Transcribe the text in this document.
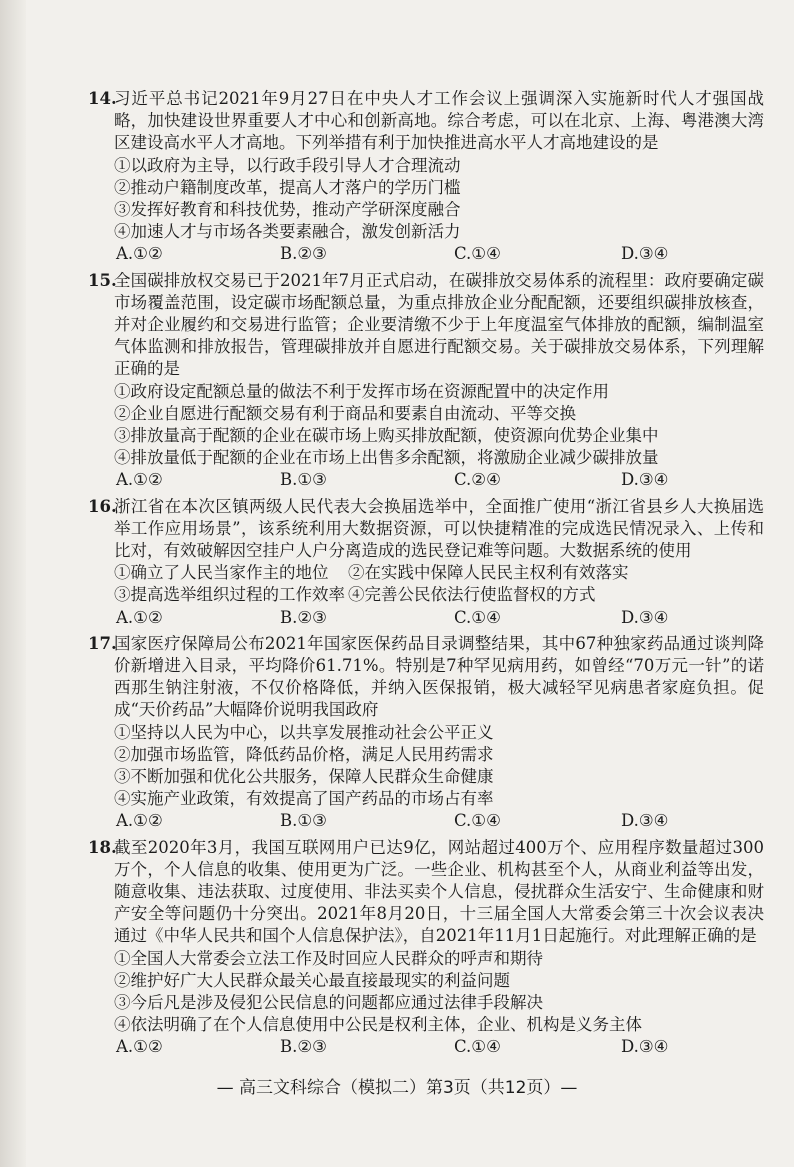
14.
习近平总书记2021年9月27日在中央人才工作会议上强调深入实施新时代人才强国战略，加快建设世界重要人才中心和创新高地。综合考虑，可以在北京、上海、粤港澳大湾区建设高水平人才高地。下列举措有利于加快推进高水平人才高地建设的是

①以政府为主导，以行政手段引导人才合理流动

②推动户籍制度改革，提高人才落户的学历门槛

③发挥好教育和科技优势，推动产学研深度融合

④加速人才与市场各类要素融合，激发创新活力

A.①②	B.②③	C.①④	D.③④
15.
全国碳排放权交易已于2021年7月正式启动，在碳排放交易体系的流程里：政府要确定碳市场覆盖范围，设定碳市场配额总量，为重点排放企业分配配额，还要组织碳排放核查，并对企业履约和交易进行监管；企业要清缴不少于上年度温室气体排放的配额，编制温室气体监测和排放报告，管理碳排放并自愿进行配额交易。关于碳排放交易体系，下列理解正确的是

①政府设定配额总量的做法不利于发挥市场在资源配置中的决定作用

②企业自愿进行配额交易有利于商品和要素自由流动、平等交换

③排放量高于配额的企业在碳市场上购买排放配额，使资源向优势企业集中

④排放量低于配额的企业在市场上出售多余配额，将激励企业减少碳排放量

A.①②	B.①③	C.②④	D.③④
16.
浙江省在本次区镇两级人民代表大会换届选举中，全面推广使用“浙江省县乡人大换届选举工作应用场景”，该系统利用大数据资源，可以快捷精准的完成选民情况录入、上传和比对，有效破解因空挂户人户分离造成的选民登记难等问题。大数据系统的使用

①确立了人民当家作主的地位 ②在实践中保障人民民主权利有效落实

③提高选举组织过程的工作效率 ④完善公民依法行使监督权的方式

A.①②	B.②③	C.①④	D.③④
17.
国家医疗保障局公布2021年国家医保药品目录调整结果，其中67种独家药品通过谈判降价新增进入目录，平均降价61.71%。特别是7种罕见病用药，如曾经“70万元一针”的诺西那生钠注射液，不仅价格降低，并纳入医保报销，极大减轻罕见病患者家庭负担。促成“天价药品”大幅降价说明我国政府

①坚持以人民为中心，以共享发展推动社会公平正义

②加强市场监管，降低药品价格，满足人民用药需求

③不断加强和优化公共服务，保障人民群众生命健康

④实施产业政策，有效提高了国产药品的市场占有率

A.①②	B.①③	C.①④	D.③④
18.
截至2020年3月，我国互联网用户已达9亿，网站超过400万个、应用程序数量超过300万个，个人信息的收集、使用更为广泛。一些企业、机构甚至个人，从商业利益等出发，随意收集、违法获取、过度使用、非法买卖个人信息，侵扰群众生活安宁、生命健康和财产安全等问题仍十分突出。2021年8月20日，十三届全国人大常委会第三十次会议表决通过《中华人民共和国个人信息保护法》，自2021年11月1日起施行。对此理解正确的是

①全国人大常委会立法工作及时回应人民群众的呼声和期待

②维护好广大人民群众最关心最直接最现实的利益问题

③今后凡是涉及侵犯公民信息的问题都应通过法律手段解决

④依法明确了在个人信息使用中公民是权利主体，企业、机构是义务主体

A.①②	B.②③	C.①④	D.③④
— 高三文科综合（模拟二）第3页（共12页）—
